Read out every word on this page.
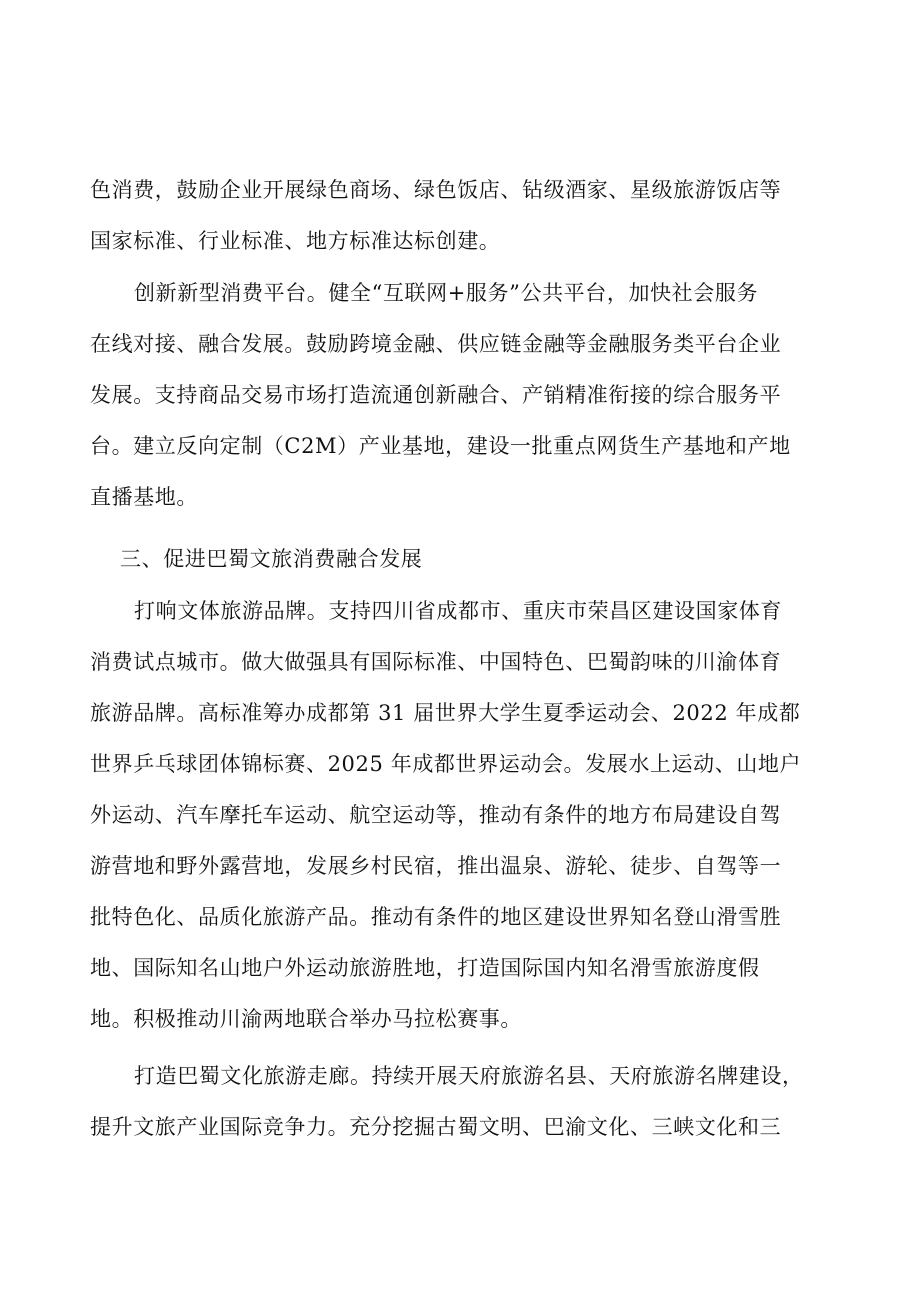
色消费，鼓励企业开展绿色商场、绿色饭店、钻级酒家、星级旅游饭店等
国家标准、行业标准、地方标准达标创建。
创新新型消费平台。健全“互联网+服务”公共平台，加快社会服务
在线对接、融合发展。鼓励跨境金融、供应链金融等金融服务类平台企业
发展。支持商品交易市场打造流通创新融合、产销精准衔接的综合服务平
台。建立反向定制（C2M）产业基地，建设一批重点网货生产基地和产地
直播基地。
三、促进巴蜀文旅消费融合发展
打响文体旅游品牌。支持四川省成都市、重庆市荣昌区建设国家体育
消费试点城市。做大做强具有国际标准、中国特色、巴蜀韵味的川渝体育
旅游品牌。高标准筹办成都第 31 届世界大学生夏季运动会、2022 年成都
世界乒乓球团体锦标赛、2025 年成都世界运动会。发展水上运动、山地户
外运动、汽车摩托车运动、航空运动等，推动有条件的地方布局建设自驾
游营地和野外露营地，发展乡村民宿，推出温泉、游轮、徒步、自驾等一
批特色化、品质化旅游产品。推动有条件的地区建设世界知名登山滑雪胜
地、国际知名山地户外运动旅游胜地，打造国际国内知名滑雪旅游度假
地。积极推动川渝两地联合举办马拉松赛事。
打造巴蜀文化旅游走廊。持续开展天府旅游名县、天府旅游名牌建设，
提升文旅产业国际竞争力。充分挖掘古蜀文明、巴渝文化、三峡文化和三
